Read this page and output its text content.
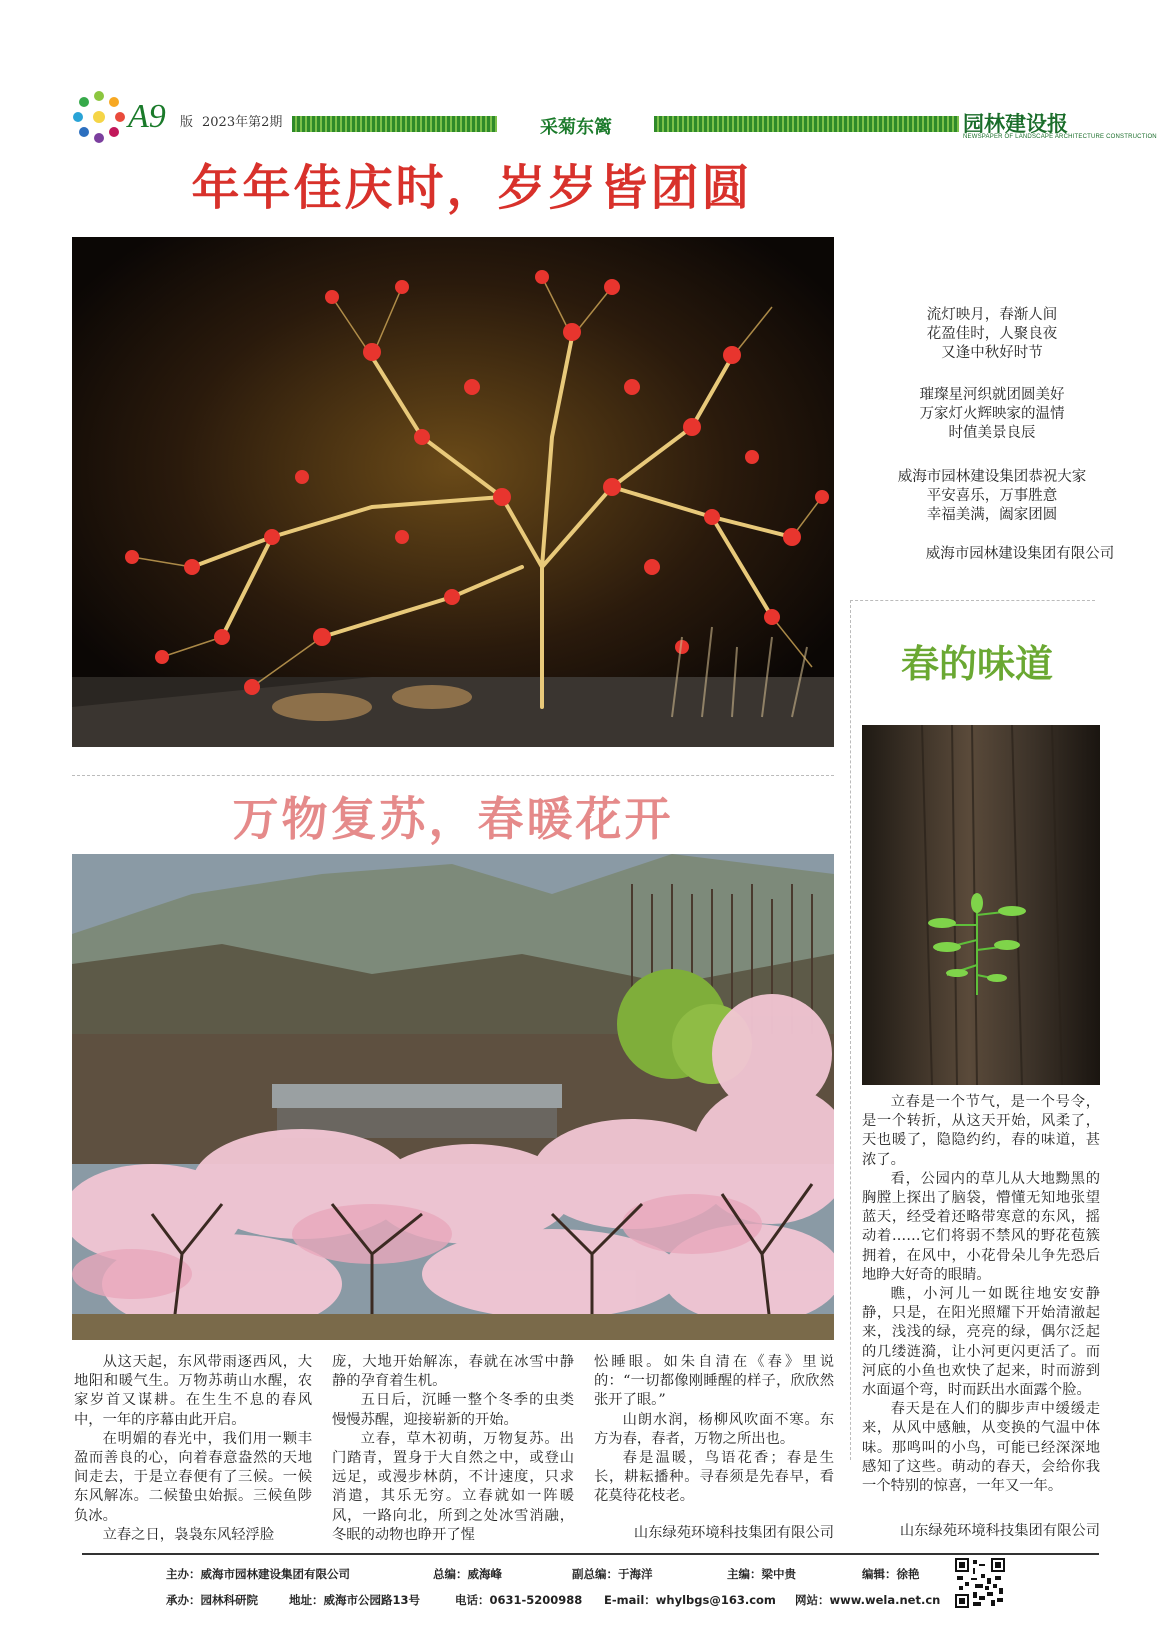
A9 版 2023年第2期	采菊东篱	园林建设报
NEWSPAPER OF LANDSCAPE ARCHITECTURE CONSTRUCTION
年年佳庆时，岁岁皆团圆

流灯映月，春渐人间

花盈佳时，人聚良夜

又逢中秋好时节

璀璨星河织就团圆美好

万家灯火辉映家的温情

时值美景良辰

威海市园林建设集团恭祝大家

平安喜乐，万事胜意

幸福美满，阖家团圆

威海市园林建设集团有限公司
万物复苏，春暖花开

从这天起，东风带雨逐西风，大地阳和暖气生。万物苏萌山水醒，农家岁首又谋耕。在生生不息的春风中，一年的序幕由此开启。

在明媚的春光中，我们用一颗丰盈而善良的心，向着春意盎然的天地间走去，于是立春便有了三候。一候东风解冻。二候蛰虫始振。三候鱼陟负冰。

立春之日，袅袅东风轻浮脸

庞，大地开始解冻，春就在冰雪中静静的孕育着生机。

五日后，沉睡一整个冬季的虫类慢慢苏醒，迎接崭新的开始。

立春，草木初萌，万物复苏。出门踏青，置身于大自然之中，或登山远足，或漫步林荫，不计速度，只求消遣，其乐无穷。立春就如一阵暖风，一路向北，所到之处冰雪消融，冬眠的动物也睁开了惺

忪睡眼。如朱自清在《春》里说的：“一切都像刚睡醒的样子，欣欣然张开了眼。”

山朗水润，杨柳风吹面不寒。东方为春，春者，万物之所出也。

春是温暖，鸟语花香；春是生长，耕耘播种。寻春须是先春早，看花莫待花枝老。

山东绿苑环境科技集团有限公司
春的味道

立春是一个节气，是一个号令，是一个转折，从这天开始，风柔了，天也暖了，隐隐约约，春的味道，甚浓了。

看，公园内的草儿从大地黝黑的胸膛上探出了脑袋，懵懂无知地张望蓝天，经受着还略带寒意的东风，摇动着……它们将弱不禁风的野花苞簇拥着，在风中，小花骨朵儿争先恐后地睁大好奇的眼睛。

瞧，小河儿一如既往地安安静静，只是，在阳光照耀下开始清澈起来，浅浅的绿，亮亮的绿，偶尔泛起的几缕涟漪，让小河更闪更活了。而河底的小鱼也欢快了起来，时而游到水面逼个弯，时而跃出水面露个脸。

春天是在人们的脚步声中缓缓走来，从风中感触，从变换的气温中体味。那鸣叫的小鸟，可能已经深深地感知了这些。萌动的春天，会给你我一个特别的惊喜，一年又一年。

山东绿苑环境科技集团有限公司
主办：威海市园林建设集团有限公司	总编：威海峰	副总编：于海洋	主编：梁中贵	编辑：徐艳
承办：园林科研院	地址：威海市公园路13号	电话：0631-5200988 E-mail：whylbgs@163.com 网站：www.wela.net.cn
